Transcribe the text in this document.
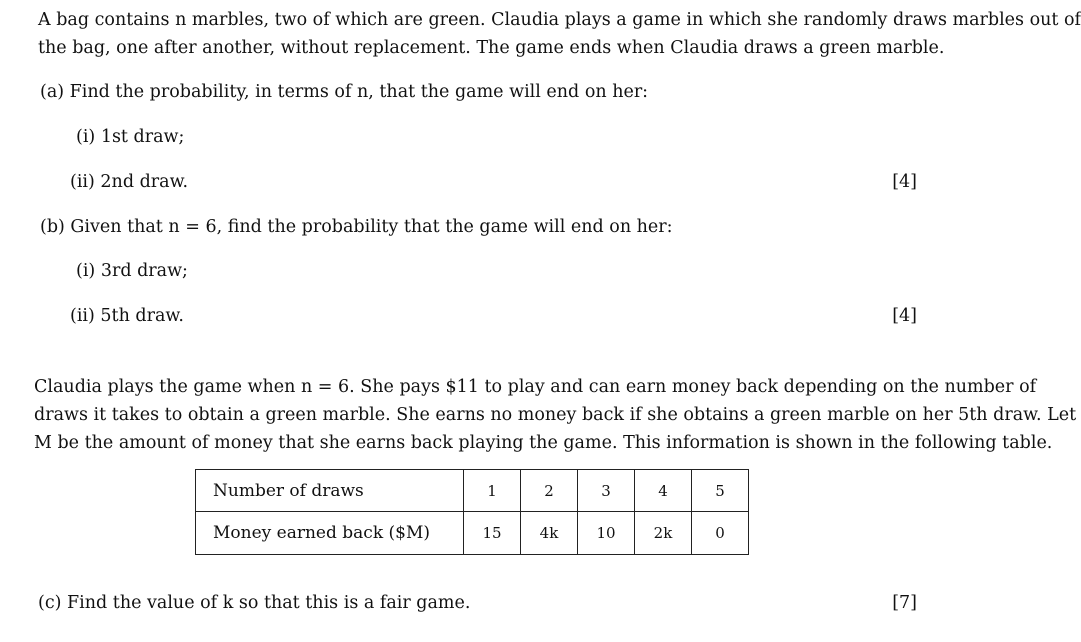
A bag contains n marbles, two of which are green. Claudia plays a game in which she randomly draws marbles out of
the bag, one after another, without replacement. The game ends when Claudia draws a green marble.
(a) Find the probability, in terms of n, that the game will end on her:
(i) 1st draw;
(ii) 2nd draw.	[4]
(b) Given that n = 6, find the probability that the game will end on her:
(i) 3rd draw;
(ii) 5th draw.	[4]
Claudia plays the game when n = 6. She pays $11 to play and can earn money back depending on the number of
draws it takes to obtain a green marble. She earns no money back if she obtains a green marble on her 5th draw. Let
M be the amount of money that she earns back playing the game. This information is shown in the following table.
Number of draws	1	2	3	4	5
Money earned back ($M)	15	4k	10	2k	0
(c) Find the value of k so that this is a fair game.	[7]
